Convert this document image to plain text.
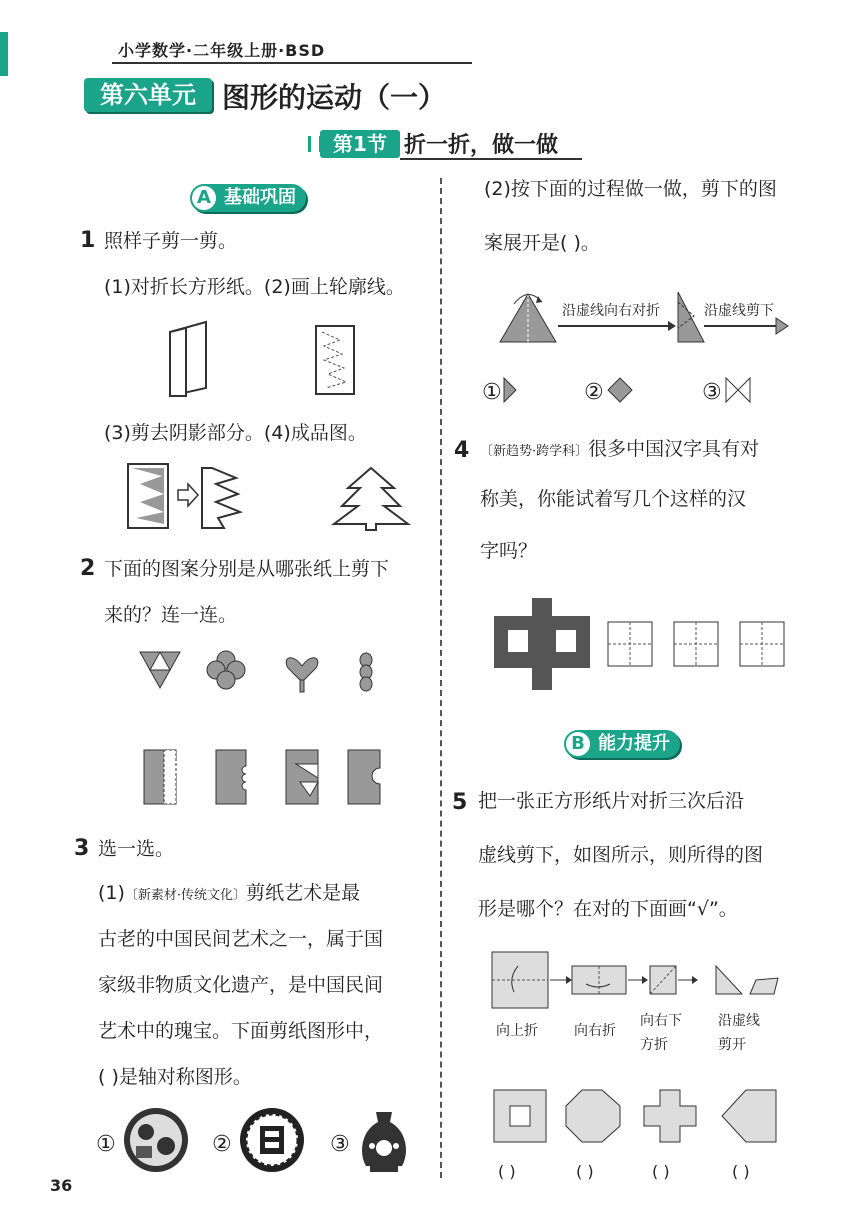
小学数学·二年级上册·BSD
第六单元 图形的运动（一）
第1节 折一折，做一做
A 基础巩固
1 照样子剪一剪。
(1)对折长方形纸。(2)画上轮廓线。
(3)剪去阴影部分。(4)成品图。
2 下面的图案分别是从哪张纸上剪下
来的？连一连。
3 选一选。
(1)〔新素材·传统文化〕剪纸艺术是最
古老的中国民间艺术之一，属于国
家级非物质文化遗产，是中国民间
艺术中的瑰宝。下面剪纸图形中，
( )是轴对称图形。
①	②	③
(2)按下面的过程做一做，剪下的图
案展开是( )。
沿虚线向右对折	沿虚线剪下
①	②	③
4 〔新趋势·跨学科〕很多中国汉字具有对
称美，你能试着写几个这样的汉
字吗？
B 能力提升
5 把一张正方形纸片对折三次后沿
虚线剪下，如图所示，则所得的图
形是哪个？在对的下面画“√”。
向上折	向右折
向右下
方折
沿虚线
剪开
( )	( )	( )	( )
36
